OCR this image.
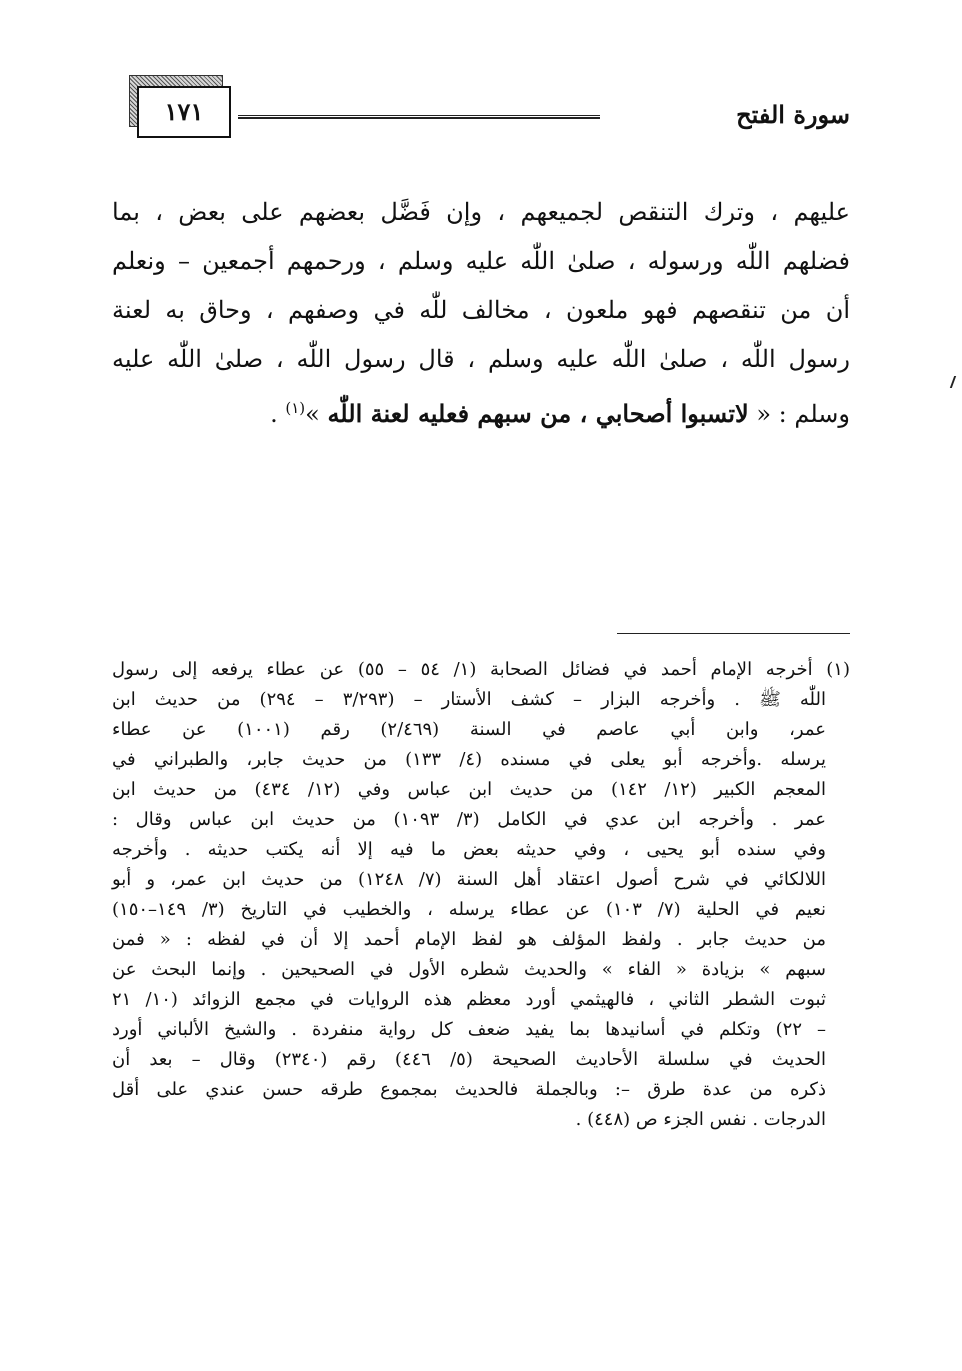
١٧١	سورة الفتح
عليهم ، وترك التنقص لجميعهم ، وإن فَضَّل بعضهم على بعض ، بما
فضلهم اللّٰه ورسوله ، صلىٰ اللّٰه عليه وسلم ، ورحمهم أجمعين – ونعلم
أن من تنقصهم فهو ملعون ، مخالف للّٰه في وصفهم ، وحاق به لعنة
رسول اللّٰه ، صلىٰ اللّٰه عليه وسلم ، قال رسول اللّٰه ، صلىٰ اللّٰه عليه
وسلم : « لاتسبوا أصحابي ، من سبهم فعليه لعنة اللّٰه »$^{(١)}$ .
(١) أخرجه الإمام أحمد في فضائل الصحابة (١/ ٥٤ – ٥٥) عن عطاء يرفعه إلى رسول
اللّٰه ﷺ . وأخرجه البزار – كشف الأستار – (٣/٢٩٣ – ٢٩٤) من حديث ابن
عمر، وابن أبي عاصم في السنة (٢/٤٦٩) رقم (١٠٠١) عن عطاء
يرسله .وأخرجه أبو يعلى في مسنده (٤/ ١٣٣) من حديث جابر، والطبراني في
المعجم الكبير (١٢/ ١٤٢) من حديث ابن عباس وفي (١٢/ ٤٣٤) من حديث ابن
عمر . وأخرجه ابن عدي في الكامل (٣/ ١٠٩٣) من حديث ابن عباس وقال :
وفي سنده أبو يحيى ، وفي حديثه بعض ما فيه إلا أنه يكتب حديثه . وأخرجه
اللالكائي في شرح أصول اعتقاد أهل السنة (٧/ ١٢٤٨) من حديث ابن عمر، و أبو
نعيم في الحلية (٧/ ١٠٣) عن عطاء يرسله ، والخطيب في التاريخ (٣/ ١٤٩–١٥٠)
من حديث جابر . ولفظ المؤلف هو لفظ الإمام أحمد إلا أن في لفظه : « فمن
سبهم » بزيادة « الفاء » والحديث شطره الأول في الصحيحين . وإنما البحث عن
ثبوت الشطر الثاني ، فالهيثمي أورد معظم هذه الروايات في مجمع الزوائد (١٠/ ٢١
– ٢٢) وتكلم في أسانيدها بما يفيد ضعف كل رواية منفردة . والشيخ الألباني أورد
الحديث في سلسلة الأحاديث الصحيحة (٥/ ٤٤٦) رقم (٢٣٤٠) وقال – بعد أن
ذكره من عدة طرق –: وبالجملة فالحديث بمجموع طرقه حسن عندي على أقل
الدرجات . نفس الجزء ص (٤٤٨) .
